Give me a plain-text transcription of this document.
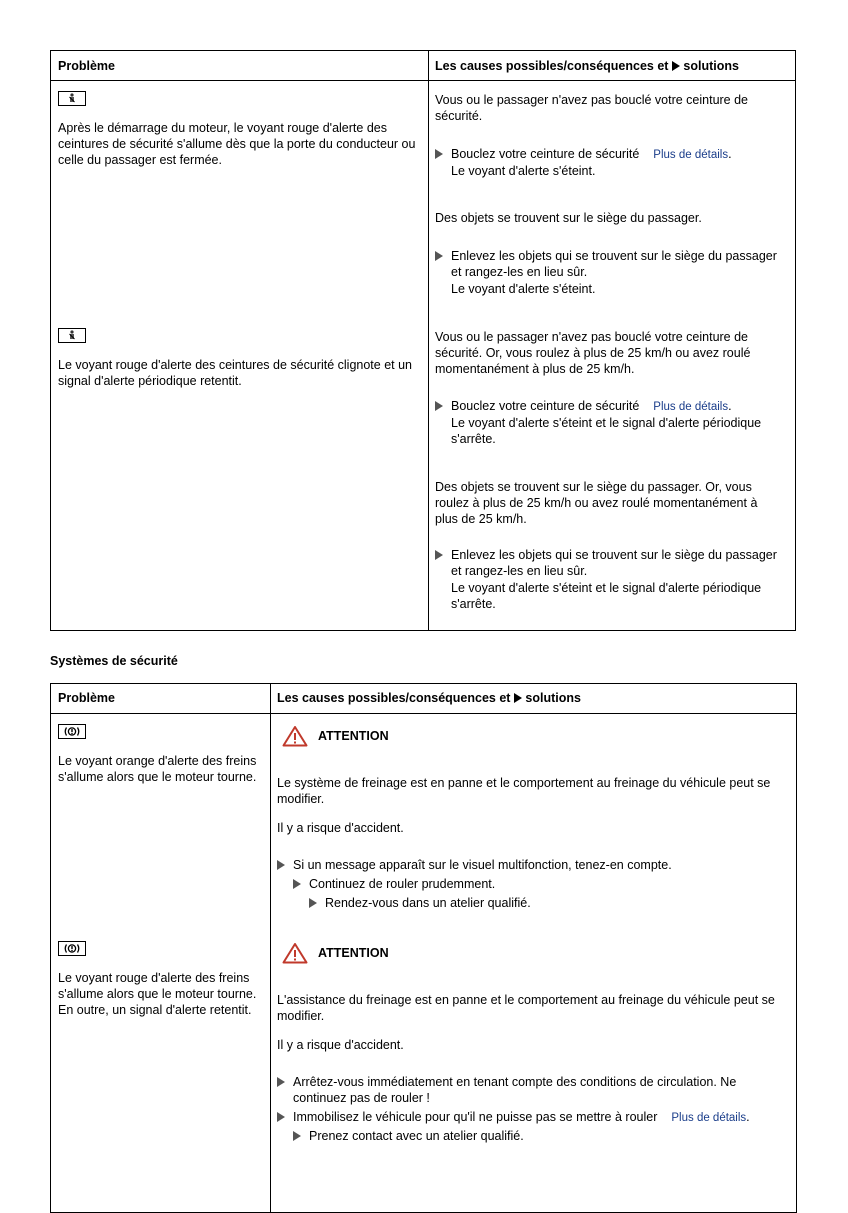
Problème	Les causes possibles/conséquences et solutions
Après le démarrage du moteur, le voyant rouge d'alerte des ceintures de sécurité s'allume dès que la porte du conducteur ou celle du passager est fermée.
Vous ou le passager n'avez pas bouclé votre ceinture de sécurité.
Bouclez votre ceinture de sécurité Plus de détails.
Le voyant d'alerte s'éteint.
Des objets se trouvent sur le siège du passager.
Enlevez les objets qui se trouvent sur le siège du passager et rangez-les en lieu sûr.
Le voyant d'alerte s'éteint.
Le voyant rouge d'alerte des ceintures de sécurité clignote et un signal d'alerte périodique retentit.
Vous ou le passager n'avez pas bouclé votre ceinture de sécurité. Or, vous roulez à plus de 25 km/h ou avez roulé momentanément à plus de 25 km/h.
Bouclez votre ceinture de sécurité Plus de détails.
Le voyant d'alerte s'éteint et le signal d'alerte périodique s'arrête.
Des objets se trouvent sur le siège du passager. Or, vous roulez à plus de 25 km/h ou avez roulé momentanément à plus de 25 km/h.
Enlevez les objets qui se trouvent sur le siège du passager et rangez-les en lieu sûr.
Le voyant d'alerte s'éteint et le signal d'alerte périodique s'arrête.
Systèmes de sécurité
Problème	Les causes possibles/conséquences et solutions
Le voyant orange d'alerte des freins s'allume alors que le moteur tourne.
ATTENTION
Le système de freinage est en panne et le comportement au freinage du véhicule peut se modifier.
Il y a risque d'accident.
Si un message apparaît sur le visuel multifonction, tenez-en compte.
Continuez de rouler prudemment.
Rendez-vous dans un atelier qualifié.
Le voyant rouge d'alerte des freins s'allume alors que le moteur tourne. En outre, un signal d'alerte retentit.
ATTENTION
L'assistance du freinage est en panne et le comportement au freinage du véhicule peut se modifier.
Il y a risque d'accident.
Arrêtez-vous immédiatement en tenant compte des conditions de circulation. Ne continuez pas de rouler !
Immobilisez le véhicule pour qu'il ne puisse pas se mettre à rouler Plus de détails.
Prenez contact avec un atelier qualifié.
